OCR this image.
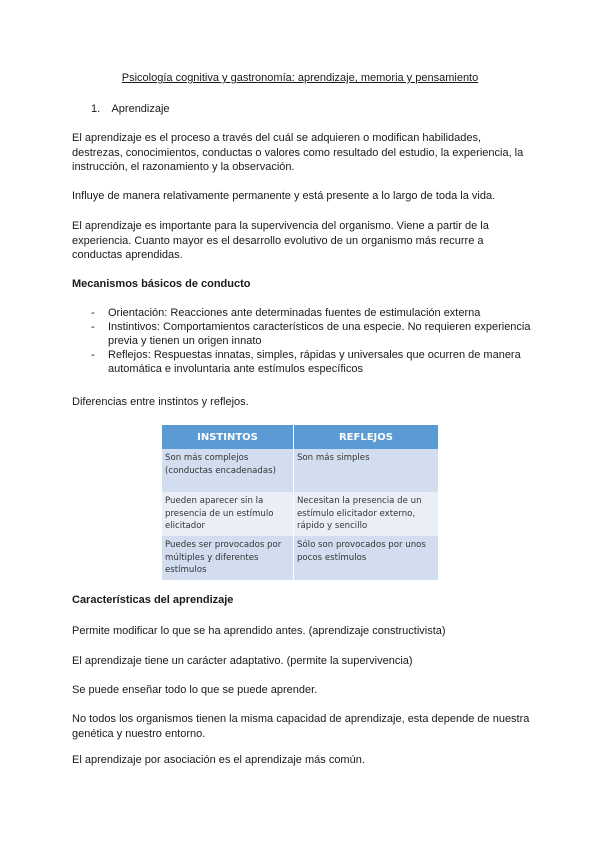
Psicología cognitiva y gastronomía: aprendizaje, memoria y pensamiento
1. Aprendizaje

El aprendizaje es el proceso a través del cuál se adquieren o modifican habilidades, destrezas, conocimientos, conductas o valores como resultado del estudio, la experiencia, la instrucción, el razonamiento y la observación.

Influye de manera relativamente permanente y está presente a lo largo de toda la vida.

El aprendizaje es importante para la supervivencia del organismo. Viene a partir de la experiencia. Cuanto mayor es el desarrollo evolutivo de un organismo más recurre a conductas aprendidas.

Mecanismos básicos de conducto
- Orientación: Reacciones ante determinadas fuentes de estimulación externa
- Instintivos: Comportamientos característicos de una especie. No requieren experiencia previa y tienen un origen innato
- Reflejos: Respuestas innatas, simples, rápidas y universales que ocurren de manera automática e involuntaria ante estímulos específicos

Diferencias entre instintos y reflejos.

INSTINTOS	REFLEJOS
Son más complejos (conductas encadenadas)	Son más simples
Pueden aparecer sin la presencia de un estímulo elicitador	Necesitan la presencia de un estímulo elicitador externo, rápido y sencillo
Puedes ser provocados por múltiples y diferentes estímulos	Sólo son provocados por unos pocos estímulos
Características del aprendizaje

Permite modificar lo que se ha aprendido antes. (aprendizaje constructivista)

El aprendizaje tiene un carácter adaptativo. (permite la supervivencia)

Se puede enseñar todo lo que se puede aprender.

No todos los organismos tienen la misma capacidad de aprendizaje, esta depende de nuestra genética y nuestro entorno.

El aprendizaje por asociación es el aprendizaje más común.
